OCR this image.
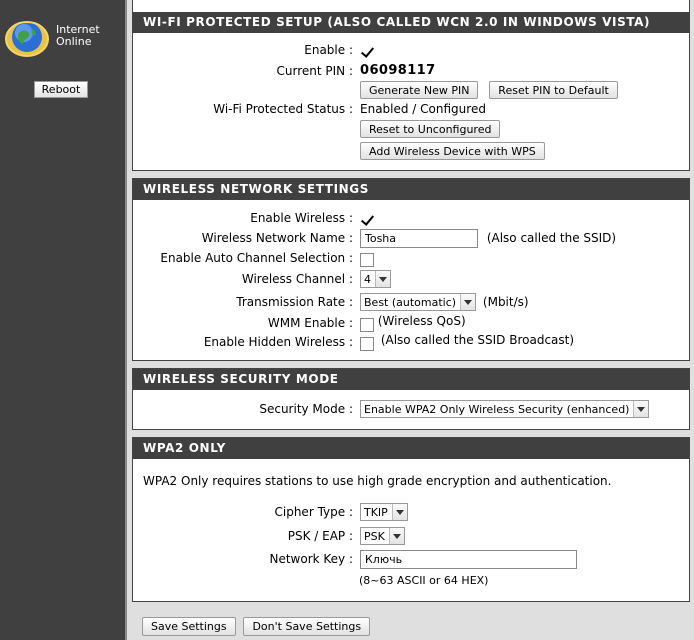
Internet
Online
Reboot
WI-FI PROTECTED SETUP (ALSO CALLED WCN 2.0 IN WINDOWS VISTA)
Enable :
Current PIN : 06098117
Generate New PIN	Reset PIN to Default
Wi-Fi Protected Status : Enabled / Configured
Reset to Unconfigured
Add Wireless Device with WPS
WIRELESS NETWORK SETTINGS
Enable Wireless :
Wireless Network Name :
Tosha	(Also called the SSID)
Enable Auto Channel Selection :
Wireless Channel : 4
Transmission Rate : Best (automatic) (Mbit/s)
WMM Enable :	(Wireless QoS)
Enable Hidden Wireless :	(Also called the SSID Broadcast)
WIRELESS SECURITY MODE
Security Mode : Enable WPA2 Only Wireless Security (enhanced)
WPA2 ONLY
WPA2 Only requires stations to use high grade encryption and authentication.
Cipher Type : TKIP
PSK / EAP : PSK
Network Key :
Ключь
(8~63 ASCII or 64 HEX)
Save Settings Don't Save Settings
